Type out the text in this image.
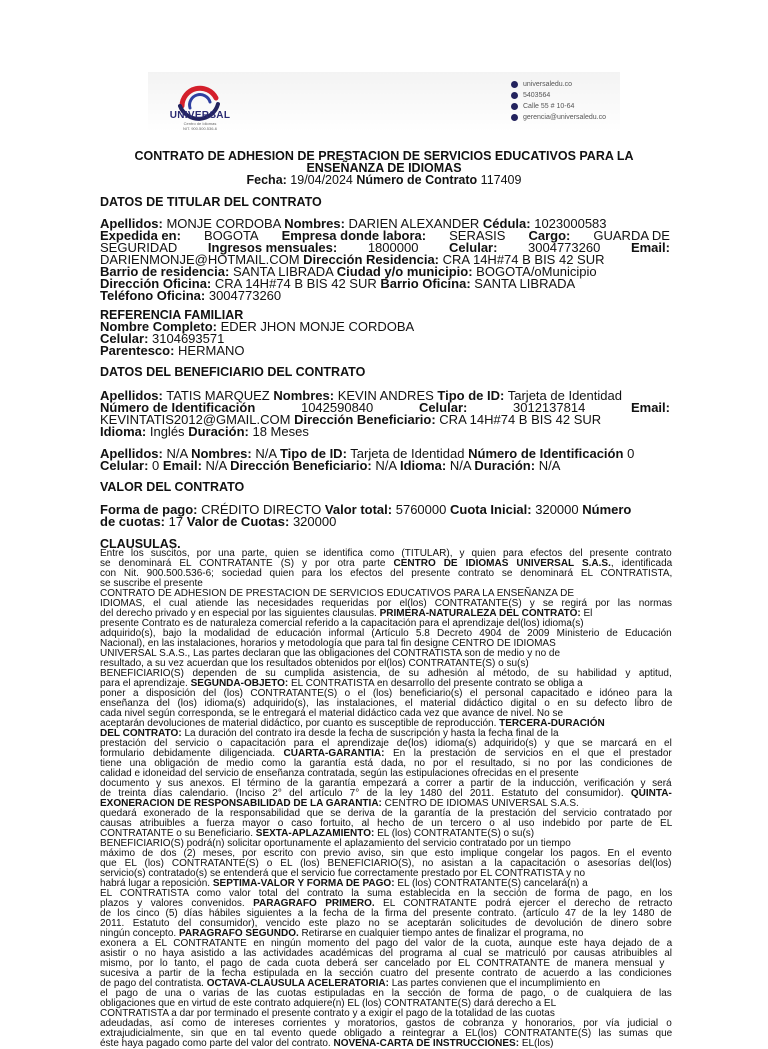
UNIVERSAL
Centro de Idiomas
NIT. 900.500.536-6
universaledu.co
5403564
Calle 55 # 10-64
gerencia@universaledu.co
CONTRATO DE ADHESION DE PRESTACION DE SERVICIOS EDUCATIVOS PARA LA
ENSEÑANZA DE IDIOMAS
Fecha: 19/04/2024 Número de Contrato 117409
DATOS DE TITULAR DEL CONTRATO
Apellidos: MONJE CORDOBA Nombres: DARIEN ALEXANDER Cédula: 1023000583
Expedida en: BOGOTA Empresa donde labora: SERASIS Cargo: GUARDA DE
SEGURIDAD Ingresos mensuales: 1800000 Celular: 3004773260 Email:
DARIENMONJE@HOTMAIL.COM Dirección Residencia: CRA 14H#74 B BIS 42 SUR
Barrio de residencia: SANTA LIBRADA Ciudad y/o municipio: BOGOTA/oMunicipio
Dirección Oficina: CRA 14H#74 B BIS 42 SUR Barrio Oficina: SANTA LIBRADA
Teléfono Oficina: 3004773260
REFERENCIA FAMILIAR
Nombre Completo: EDER JHON MONJE CORDOBA
Celular: 3104693571
Parentesco: HERMANO
DATOS DEL BENEFICIARIO DEL CONTRATO
Apellidos: TATIS MARQUEZ Nombres: KEVIN ANDRES Tipo de ID: Tarjeta de Identidad
Número de Identificación	1042590840	Celular:	3012137814	Email:
KEVINTATIS2012@GMAIL.COM Dirección Beneficiario: CRA 14H#74 B BIS 42 SUR
Idioma: Inglés Duración: 18 Meses
Apellidos: N/A Nombres: N/A Tipo de ID: Tarjeta de Identidad Número de Identificación 0
Celular: 0 Email: N/A Dirección Beneficiario: N/A Idioma: N/A Duración: N/A
VALOR DEL CONTRATO
Forma de pago: CRÉDITO DIRECTO Valor total: 5760000 Cuota Inicial: 320000 Número
de cuotas: 17 Valor de Cuotas: 320000
CLAUSULAS.
Entre los suscitos, por una parte, quien se identifica como (TITULAR), y quien para efectos del presente contrato
se denominará EL CONTRATANTE (S) y por otra parte CENTRO DE IDIOMAS UNIVERSAL S.A.S., identificada
con Nit. 900.500.536-6; sociedad quien para los efectos del presente contrato se denominará EL CONTRATISTA,
se suscribe el presente
CONTRATO DE ADHESION DE PRESTACION DE SERVICIOS EDUCATIVOS PARA LA ENSEÑANZA DE
IDIOMAS, el cual atiende las necesidades requeridas por el(los) CONTRATANTE(S) y se regirá por las normas
del derecho privado y en especial por las siguientes clausulas. PRIMERA-NATURALEZA DEL CONTRATO: El
presente Contrato es de naturaleza comercial referido a la capacitación para el aprendizaje del(los) idioma(s)
adquirido(s), bajo la modalidad de educación informal (Artículo 5.8 Decreto 4904 de 2009 Ministerio de Educación
Nacional), en las instalaciones, horarios y metodología que para tal fin designe CENTRO DE IDIOMAS
UNIVERSAL S.A.S., Las partes declaran que las obligaciones del CONTRATISTA son de medio y no de
resultado, a su vez acuerdan que los resultados obtenidos por el(los) CONTRATANTE(S) o su(s)
BENEFICIARIO(S) dependen de su cumplida asistencia, de su adhesión al método, de su habilidad y aptitud,
para el aprendizaje. SEGUNDA-OBJETO: EL CONTRATISTA en desarrollo del presente contrato se obliga a
poner a disposición del (los) CONTRATANTE(S) o el (los) beneficiario(s) el personal capacitado e idóneo para la
enseñanza del (los) idioma(s) adquirido(s), las instalaciones, el material didáctico digital o en su defecto libro de
cada nivel según corresponda, se le entregará el material didáctico cada vez que avance de nivel. No se
aceptarán devoluciones de material didáctico, por cuanto es susceptible de reproducción. TERCERA-DURACIÓN
DEL CONTRATO: La duración del contrato ira desde la fecha de suscripción y hasta la fecha final de la
prestación del servicio o capacitación para el aprendizaje de(los) idioma(s) adquirido(s) y que se marcará en el
formulario debidamente diligenciada. CUARTA-GARANTIA: En la prestación de servicios en el que el prestador
tiene una obligación de medio como la garantía está dada, no por el resultado, si no por las condiciones de
calidad e idoneidad del servicio de enseñanza contratada, según las estipulaciones ofrecidas en el presente
documento y sus anexos. El término de la garantía empezará a correr a partir de la inducción, verificación y será
de treinta días calendario. (Inciso 2° del artículo 7° de la ley 1480 del 2011. Estatuto del consumidor). QUINTA-
EXONERACION DE RESPONSABILIDAD DE LA GARANTIA: CENTRO DE IDIOMAS UNIVERSAL S.A.S.
quedará exonerado de la responsabilidad que se deriva de la garantía de la prestación del servicio contratado por
causas atribuibles a fuerza mayor o caso fortuito, al hecho de un tercero o al uso indebido por parte de EL
CONTRATANTE o su Beneficiario. SEXTA-APLAZAMIENTO: EL (los) CONTRATANTE(S) o su(s)
BENEFICIARIO(S) podrá(n) solicitar oportunamente el aplazamiento del servicio contratado por un tiempo
máximo de dos (2) meses, por escrito con previo aviso, sin que esto implique congelar los pagos. En el evento
que EL (los) CONTRATANTE(S) o EL (los) BENEFICIARIO(S), no asistan a la capacitación o asesorías del(los)
servicio(s) contratado(s) se entenderá que el servicio fue correctamente prestado por EL CONTRATISTA y no
habrá lugar a reposición. SEPTIMA-VALOR Y FORMA DE PAGO: EL (los) CONTRATANTE(S) cancelará(n) a
EL CONTRATISTA como valor total del contrato la suma establecida en la sección de forma de pago, en los
plazos y valores convenidos. PARAGRAFO PRIMERO. EL CONTRATANTE podrá ejercer el derecho de retracto
de los cinco (5) días hábiles siguientes a la fecha de la firma del presente contrato. (artículo 47 de la ley 1480 de
2011. Estatuto del consumidor), vencido este plazo no se aceptarán solicitudes de devolución de dinero sobre
ningún concepto. PARAGRAFO SEGUNDO. Retirarse en cualquier tiempo antes de finalizar el programa, no
exonera a EL CONTRATANTE en ningún momento del pago del valor de la cuota, aunque este haya dejado de a
asistir o no haya asistido a las actividades académicas del programa al cual se matriculó por causas atribuibles al
mismo, por lo tanto, el pago de cada cuota deberá ser cancelado por EL CONTRATANTE de manera mensual y
sucesiva a partir de la fecha estipulada en la sección cuatro del presente contrato de acuerdo a las condiciones
de pago del contratista. OCTAVA-CLAUSULA ACELERATORIA: Las partes convienen que el incumplimiento en
el pago de una o varias de las cuotas estipuladas en la sección de forma de pago, o de cualquiera de las
obligaciones que en virtud de este contrato adquiere(n) EL (los) CONTRATANTE(S) dará derecho a EL
CONTRATISTA a dar por terminado el presente contrato y a exigir el pago de la totalidad de las cuotas
adeudadas, así como de intereses corrientes y moratorios, gastos de cobranza y honorarios, por vía judicial o
extrajudicialmente, sin que en tal evento quede obligado a reintegrar a EL(los) CONTRATANTE(S) las sumas que
éste haya pagado como parte del valor del contrato. NOVENA-CARTA DE INSTRUCCIONES: EL(los)
